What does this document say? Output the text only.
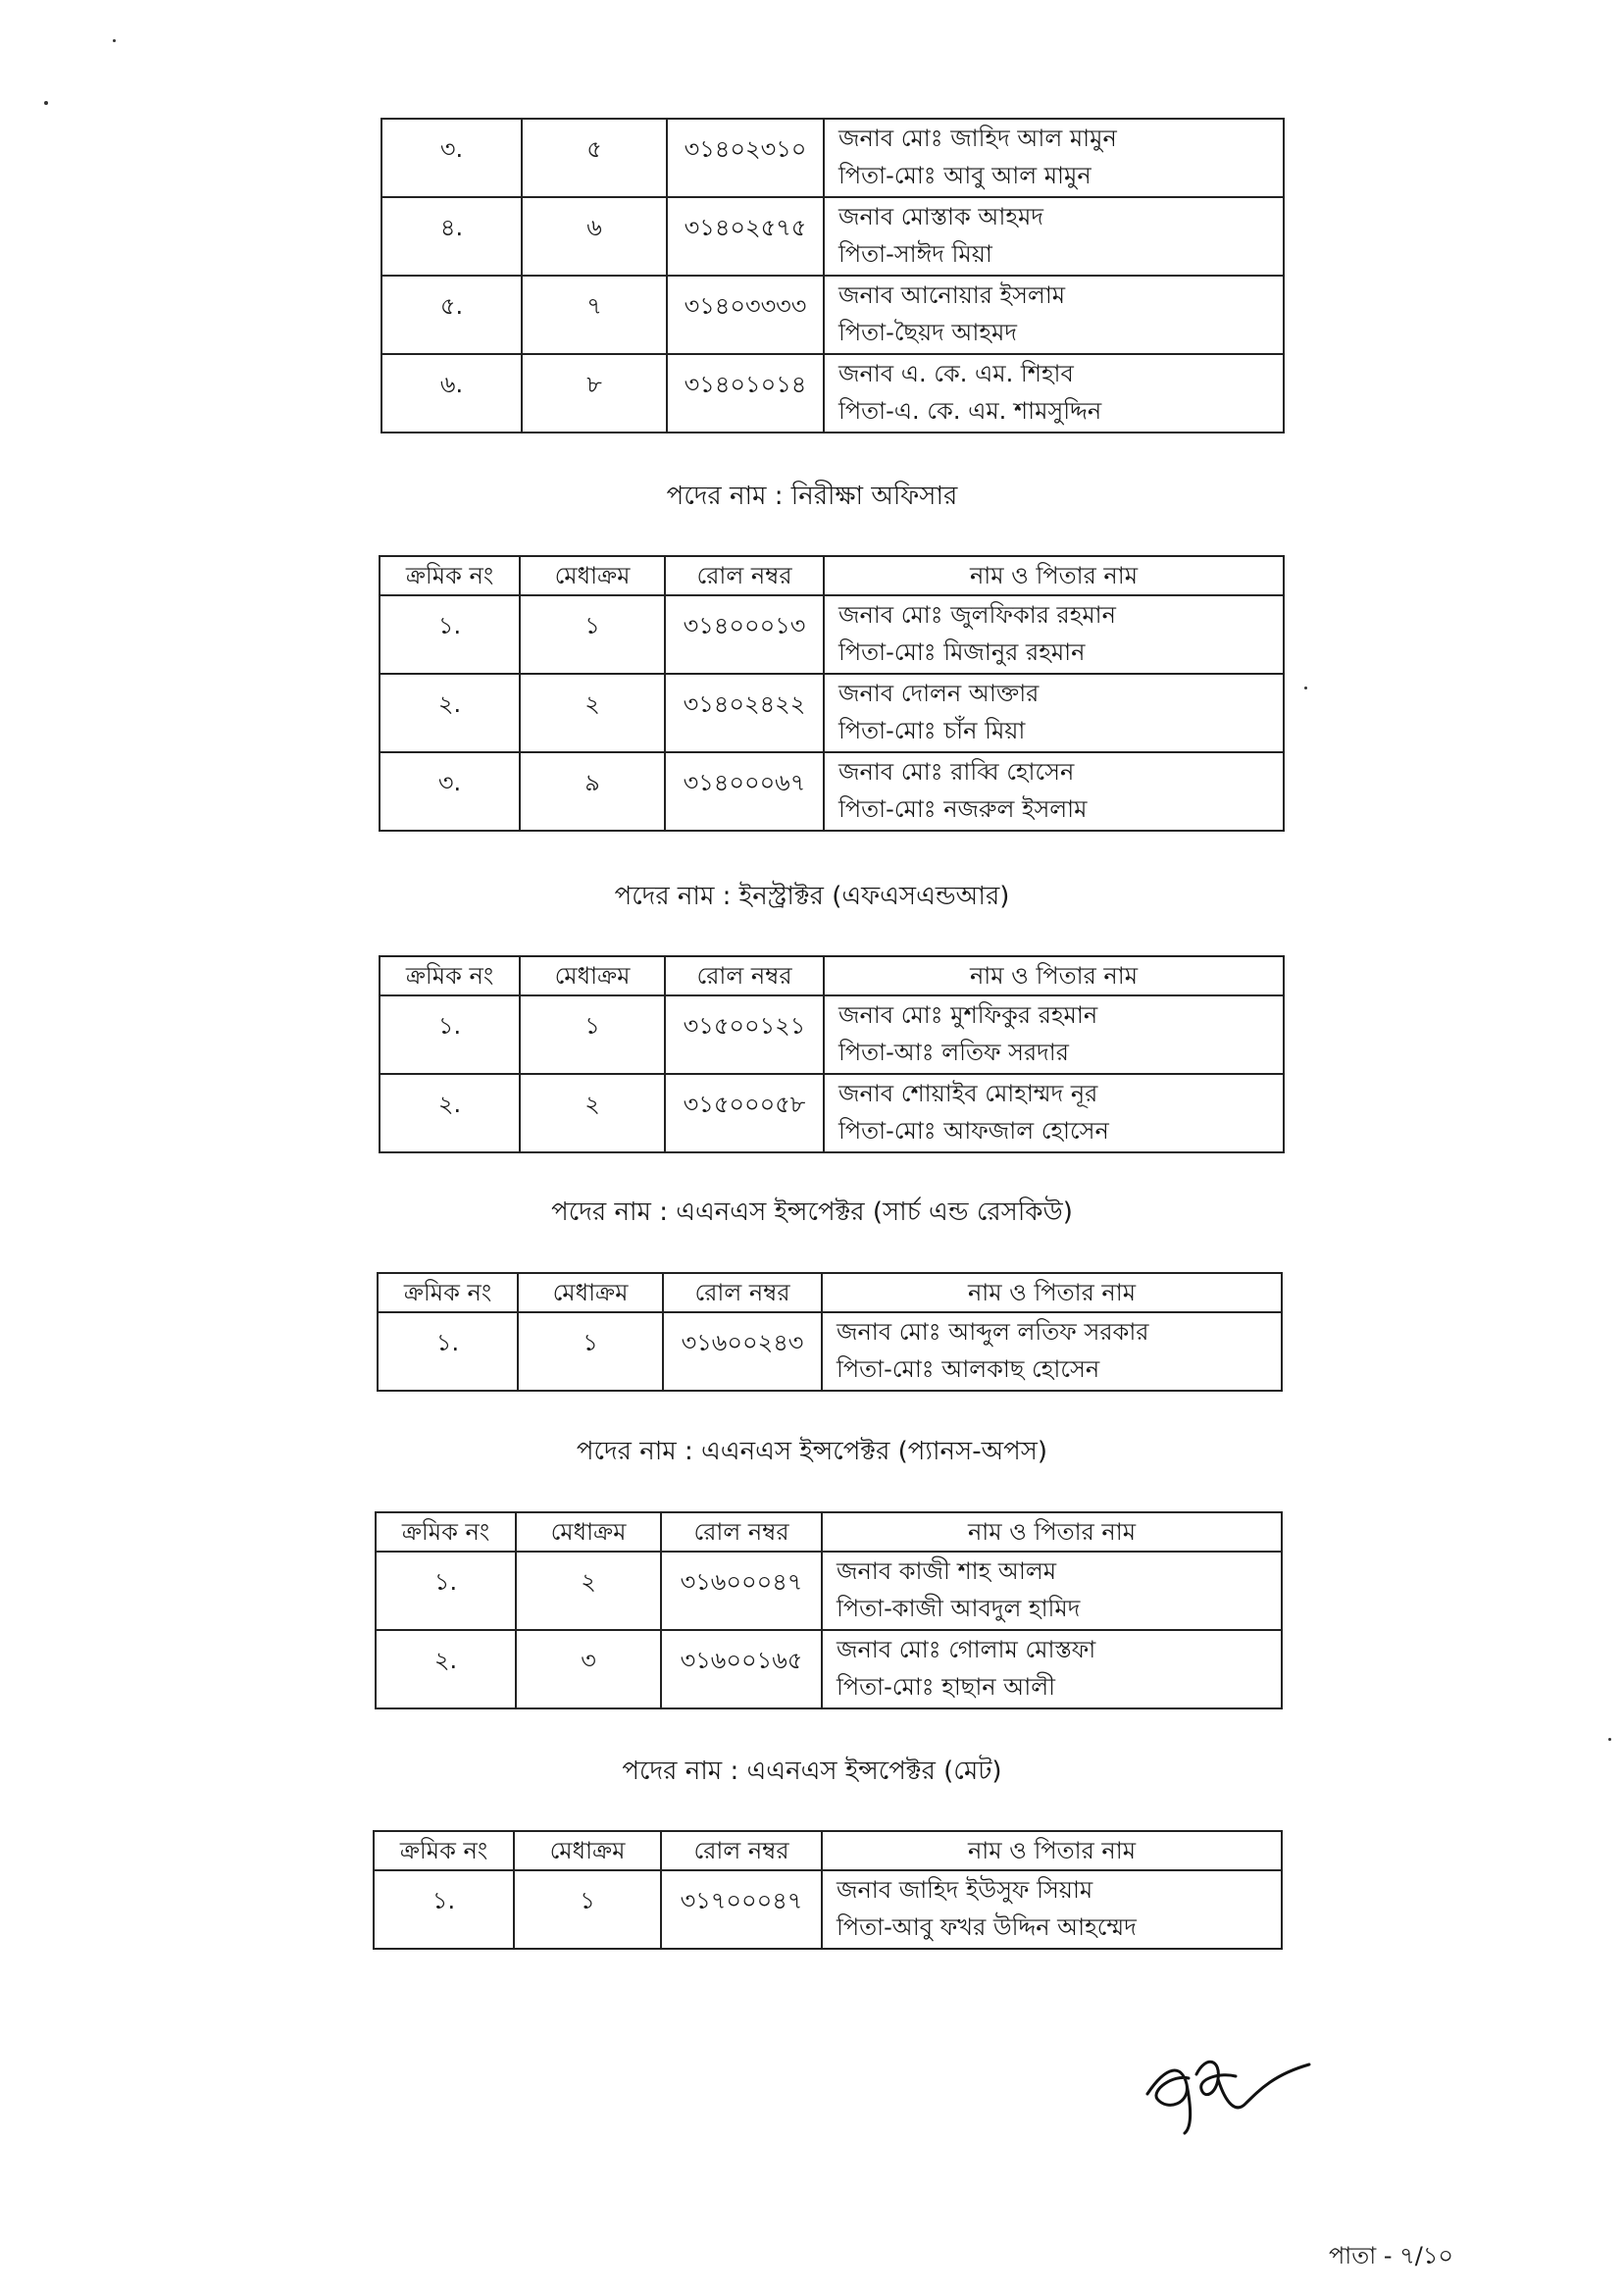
৩.	৫	৩১৪০২৩১০	জনাব মোঃ জাহিদ আল মামুন
পিতা-মোঃ আবু আল মামুন

৪.	৬	৩১৪০২৫৭৫	জনাব মোস্তাক আহমদ
পিতা-সাঈদ মিয়া

৫.	৭	৩১৪০৩৩৩৩	জনাব আনোয়ার ইসলাম
পিতা-ছৈয়দ আহমদ

৬.	৮	৩১৪০১০১৪	জনাব এ. কে. এম. শিহাব
পিতা-এ. কে. এম. শামসুদ্দিন
পদের নাম : নিরীক্ষা অফিসার
ক্রমিক নং	মেধাক্রম	রোল নম্বর	নাম ও পিতার নাম
১.	১	৩১৪০০০১৩	জনাব মোঃ জুলফিকার রহমান
পিতা-মোঃ মিজানুর রহমান

২.	২	৩১৪০২৪২২	জনাব দোলন আক্তার
পিতা-মোঃ চাঁন মিয়া

৩.	৯	৩১৪০০০৬৭	জনাব মোঃ রাব্বি হোসেন
পিতা-মোঃ নজরুল ইসলাম
পদের নাম : ইনস্ট্রাক্টর (এফএসএন্ডআর)
ক্রমিক নং	মেধাক্রম	রোল নম্বর	নাম ও পিতার নাম
১.	১	৩১৫০০১২১	জনাব মোঃ মুশফিকুর রহমান
পিতা-আঃ লতিফ সরদার

২.	২	৩১৫০০০৫৮	জনাব শোয়াইব মোহাম্মদ নূর
পিতা-মোঃ আফজাল হোসেন
পদের নাম : এএনএস ইন্সপেক্টর (সার্চ এন্ড রেসকিউ)
ক্রমিক নং	মেধাক্রম	রোল নম্বর	নাম ও পিতার নাম
১.	১	৩১৬০০২৪৩	জনাব মোঃ আব্দুল লতিফ সরকার
পিতা-মোঃ আলকাছ হোসেন
পদের নাম : এএনএস ইন্সপেক্টর (প্যানস-অপস)
ক্রমিক নং	মেধাক্রম	রোল নম্বর	নাম ও পিতার নাম
১.	২	৩১৬০০০৪৭	জনাব কাজী শাহ আলম
পিতা-কাজী আবদুল হামিদ

২.	৩	৩১৬০০১৬৫	জনাব মোঃ গোলাম মোস্তফা
পিতা-মোঃ হাছান আলী
পদের নাম : এএনএস ইন্সপেক্টর (মেট)
ক্রমিক নং	মেধাক্রম	রোল নম্বর	নাম ও পিতার নাম
১.	১	৩১৭০০০৪৭	জনাব জাহিদ ইউসুফ সিয়াম
পিতা-আবু ফখর উদ্দিন আহম্মেদ
পাতা - ৭/১০
